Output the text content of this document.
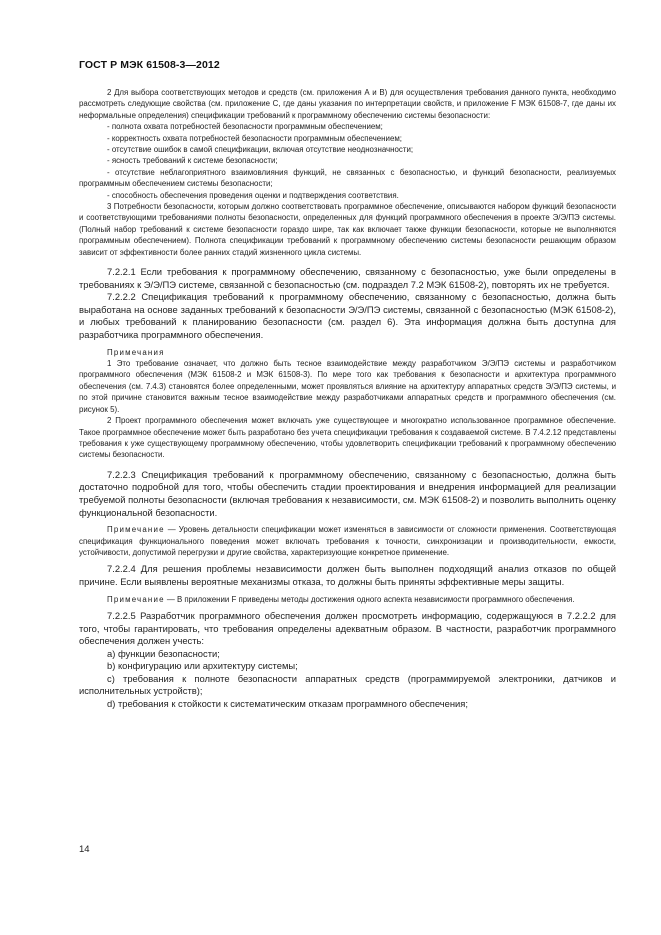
ГОСТ Р МЭК 61508-3—2012

2 Для выбора соответствующих методов и средств (см. приложения А и В) для осуществления требования данного пункта, необходимо рассмотреть следующие свойства (см. приложение С, где даны указания по интерпретации свойств, и приложение F МЭК 61508-7, где даны их неформальные определения) спецификации требований к программному обеспечению системы безопасности:

- полнота охвата потребностей безопасности программным обеспечением;

- корректность охвата потребностей безопасности программным обеспечением;

- отсутствие ошибок в самой спецификации, включая отсутствие неоднозначности;

- ясность требований к системе безопасности;

- отсутствие неблагоприятного взаимовлияния функций, не связанных с безопасностью, и функций безопасности, реализуемых программным обеспечением системы безопасности;

- способность обеспечения проведения оценки и подтверждения соответствия.

3 Потребности безопасности, которым должно соответствовать программное обеспечение, описываются набором функций безопасности и соответствующими требованиями полноты безопасности, определенных для функций программного обеспечения в проекте Э/Э/ПЭ системы. (Полный набор требований к системе безопасности гораздо шире, так как включает также функции безопасности, которые не выполняются программным обеспечением). Полнота спецификации требований к программному обеспечению системы безопасности решающим образом зависит от эффективности более ранних стадий жизненного цикла системы.

7.2.2.1 Если требования к программному обеспечению, связанному с безопасностью, уже были определены в требованиях к Э/Э/ПЭ системе, связанной с безопасностью (см. подраздел 7.2 МЭК 61508-2), повторять их не требуется.

7.2.2.2 Спецификация требований к программному обеспечению, связанному с безопасностью, должна быть выработана на основе заданных требований к безопасности Э/Э/ПЭ системы, связанной с безопасностью (МЭК 61508-2), и любых требований к планированию безопасности (см. раздел 6). Эта информация должна быть доступна для разработчика программного обеспечения.

Примечания

1 Это требование означает, что должно быть тесное взаимодействие между разработчиком Э/Э/ПЭ системы и разработчиком программного обеспечения (МЭК 61508-2 и МЭК 61508-3). По мере того как требования к безопасности и архитектура программного обеспечения (см. 7.4.3) становятся более определенными, может проявляться влияние на архитектуру аппаратных средств Э/Э/ПЭ системы, и по этой причине становится важным тесное взаимодействие между разработчиками аппаратных средств и программного обеспечения (см. рисунок 5).

2 Проект программного обеспечения может включать уже существующее и многократно использованное программное обеспечение. Такое программное обеспечение может быть разработано без учета спецификации требования к создаваемой системе. В 7.4.2.12 представлены требования к уже существующему программному обеспечению, чтобы удовлетворить спецификации требований к программному обеспечению системы безопасности.

7.2.2.3 Спецификация требований к программному обеспечению, связанному с безопасностью, должна быть достаточно подробной для того, чтобы обеспечить стадии проектирования и внедрения информацией для реализации требуемой полноты безопасности (включая требования к независимости, см. МЭК 61508-2) и позволить выполнить оценку функциональной безопасности.

Примечание — Уровень детальности спецификации может изменяться в зависимости от сложности применения. Соответствующая спецификация функционального поведения может включать требования к точности, синхронизации и производительности, емкости, устойчивости, допустимой перегрузки и другие свойства, характеризующие конкретное применение.

7.2.2.4 Для решения проблемы независимости должен быть выполнен подходящий анализ отказов по общей причине. Если выявлены вероятные механизмы отказа, то должны быть приняты эффективные меры защиты.

Примечание — В приложении F приведены методы достижения одного аспекта независимости программного обеспечения.

7.2.2.5 Разработчик программного обеспечения должен просмотреть информацию, содержащуюся в 7.2.2.2 для того, чтобы гарантировать, что требования определены адекватным образом. В частности, разработчик программного обеспечения должен учесть:

a) функции безопасности;

b) конфигурацию или архитектуру системы;

c) требования к полноте безопасности аппаратных средств (программируемой электроники, датчиков и исполнительных устройств);

d) требования к стойкости к систематическим отказам программного обеспечения;

14
